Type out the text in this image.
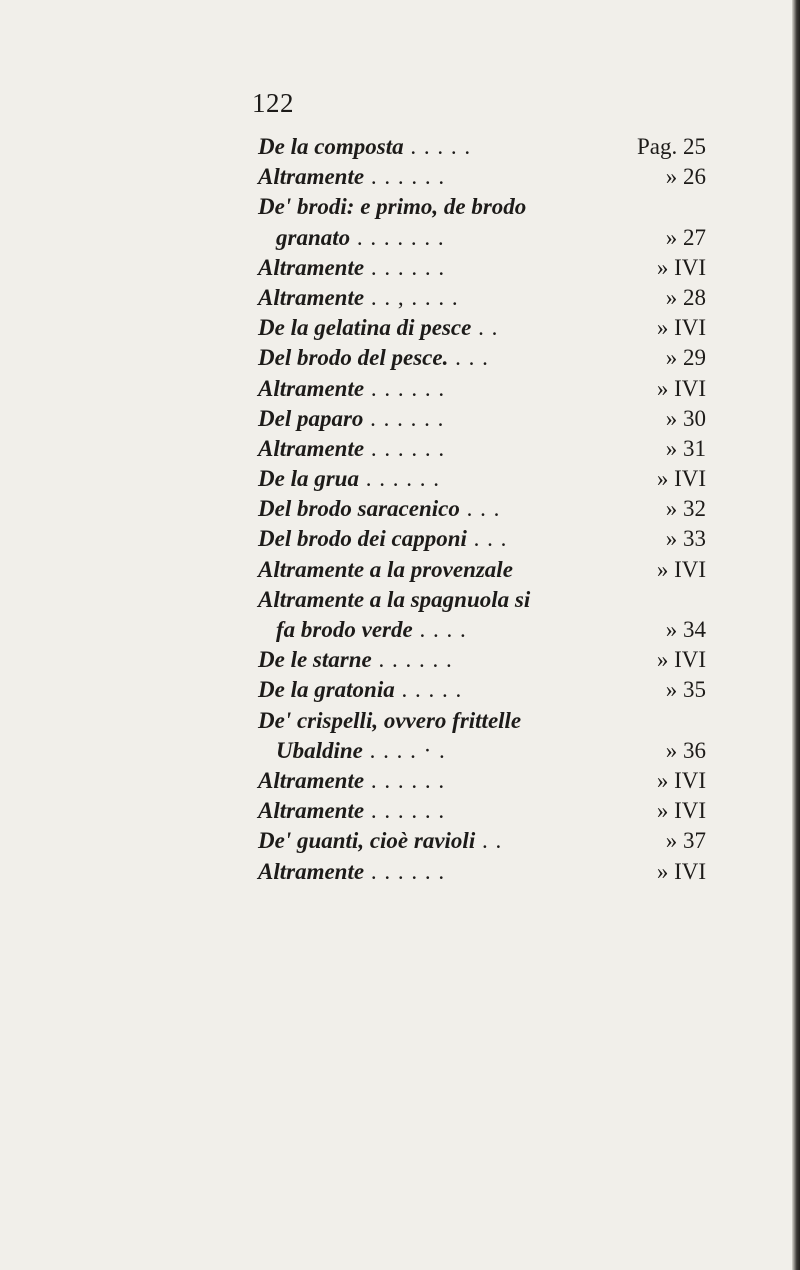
122
De la composta . . . . .	Pag. 25
Altramente . . . . . .	» 26
De' brodi: e primo, de brodo
granato . . . . . . .	» 27
Altramente . . . . . .	» IVI
Altramente . . , . . . .	» 28
De la gelatina di pesce . .	» IVI
Del brodo del pesce. . . .	» 29
Altramente . . . . . .	» IVI
Del paparo . . . . . .	» 30
Altramente . . . . . .	» 31
De la grua . . . . . .	» IVI
Del brodo saracenico . . .	» 32
Del brodo dei capponi . . .	» 33
Altramente a la provenzale	» IVI
Altramente a la spagnuola si
fa brodo verde . . . .	» 34
De le starne . . . . . .	» IVI
De la gratonia . . . . .	» 35
De' crispelli, ovvero frittelle
Ubaldine . . . . · .	» 36
Altramente . . . . . .	» IVI
Altramente . . . . . .	» IVI
De' guanti, cioè ravioli . .	» 37
Altramente . . . . . .	» IVI
